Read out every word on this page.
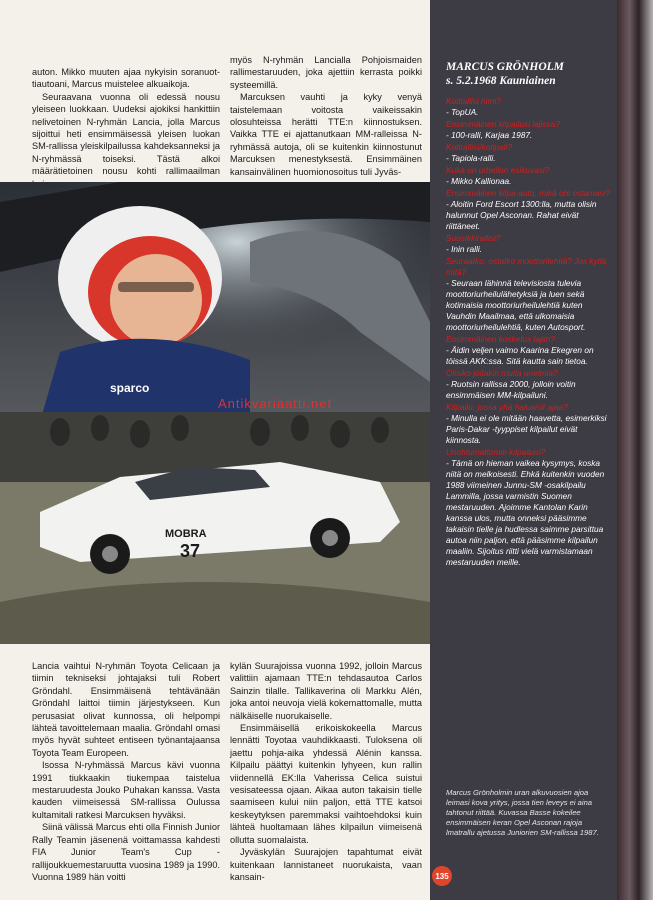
auton. Mikko muuten ajaa nykyisin soranuot-tiautoani, Marcus muistelee alkuaikoja.

Seuraavana vuonna oli edessä nousu yleiseen luokkaan. Uudeksi ajokiksi hankittiin nelivetoinen N-ryhmän Lancia, jolla Marcus sijoittui heti ensimmäisessä yleisen luokan SM-rallissa yleiskilpailussa kahdeksanneksi ja N-ryhmässä toiseksi. Tästä alkoi määrätietoinen nousu kohti rallimaailman

myös N-ryhmän Lanciallа Pohjoismaiden rallimestaruuden, joka ajettiin kerrasta poikki systeemillä.

Marcuksen vauhti ja kyky venyä taistelemaan voitosta vaikeissakin olosuhteissa herätti TTE:n kiinnostuksen. Vaikka TTE ei ajattanutkaan MM-ralleissa N-ryhmässä autoja, oli se kuitenkin kiinnostunut Marcuksen menestyksestä. Ensimmäinen kansainvälinen huomionosoitus tuli Jyväs-

sparco
MOBRA
37
Antikvariaatti.net

Lancia vaihtui N-ryhmän Toyota Celicaan ja tiimin tekniseksi johtajaksi tuli Robert Gröndahl. Ensimmäisenä tehtävänään Gröndahl laittoi tiimin järjestykseen. Kun perusasiat olivat kunnossa, oli helpompi lähteä tavoittelemaan maalia. Gröndahl omasi myös hyvät suhteet entiseen työnantajaansa Toyota Team Europeen.

Isossa N-ryhmässä Marcus kävi vuonna 1991 tiukkaakin tiukempaa taistelua mestaruudesta Jouko Puhakan kanssa. Vasta kauden viimeisessä SM-rallissa Oulussa kultamitali ratkesi Marcuksen hyväksi.

Siinä välissä Marcus ehti olla Finnish Junior Rally Teamin jäsenenä voittamassa kahdesti FIA Junior Team's Cup -rallijoukkuemestaruutta vuosina 1989 ja 1990. Vuonna 1989 hän voitti

kylän Suurajoissa vuonna 1992, jolloin Marcus valittiin ajamaan TTE:n tehdasautoa Carlos Sainzin tilalle. Tallikaverina oli Markku Alén, joka antoi neuvoja vielä kokemattomalle, mutta nälkäiselle nuorukaiselle.

Ensimmäisellä erikoiskokeella Marcus lennätti Toyotaa vauhdikkaasti. Tuloksena oli jaettu pohja-aika yhdessä Alénin kanssa. Kilpailu päättyi kuitenkin lyhyeen, kun rallin viidennellä EK:lla Vaherissa Celica suistui vesisateessa ojaan. Aikaa auton takaisin tielle saamiseen kului niin paljon, että TTE katsoi keskeytyksen paremmaksi vaihtoehdoksi kuin lähteä huoltamaan lähes kilpailun viimeisenä ollutta suomalaista.

Jyväskylän Suurajojen tapahtumat eivät kuitenkaan lannistaneet nuorukaista, vaan kansain-

MARCUS GRÖNHOLM

s. 5.2.1968 Kauniainen

Kotitallisi nimi?

- TopUA.

Ensimmäinen kilpailusi lajissa?

- 100-ralli, Karjaa 1987.

Kotirallisi/kotipalt?

- Tapiola-ralli.

Kuka on urheilun esikuvasi?

- Mikko Kallionaa.

Ensimmäinen kilpa-auto, mikä ohi ostamasi?

- Aloitin Ford Escort 1300:lla, mutta olisin halunnut Opel Asconan. Rahat eivät riittäneet.

Suosikkirallisi?

- Inin ralli.

Seuraatko, ostatko moottorilehtiä? Jos kyllä, mitä?

- Seuraan lähinnä televisiosta tulevia moottoriurheilulähetyksiä ja luen sekä kotimaisia moottoriurheilulehtiä kuten Vauhdin Maailmaa, että ulkomaisia moottoriurheilulehtiä, kuten Autosport.

Ensimmäinen kosketus lajiin?

- Äidin veljen vaimo Kaarina Ekegren on töissä AKK:ssa. Sitä kautta sain tietoa.

Olisiko joitakin muita unelmia?

- Ruotsin rallissa 2000, jolloin voitin ensimmäisen MM-kilpailuni.

Kilpailu, jossa yhä haluaisit ajaa?

- Minulla ei ole mitään haavetta, esimerkiksi Paris-Dakar -tyyppiset kilpailut eivät kiinnosta.

Unohtumattomin kilpailusi?

- Tämä on hieman vaikea kysymys, koska niitä on melkoisesti. Ehkä kuitenkin vuoden 1988 viimeinen Junnu-SM -osakilpailu Lammilla, jossa varmistin Suomen mestaruuden. Ajoimme Kantolan Karin kanssa ulos, mutta onneksi pääsimme takaisin tielle ja hudlessa saimme parsittua autoa niin paljon, että pääsimme kilpailun maaliin. Sijoitus riitti vielä varmistamaan mestaruuden meille.

Marcus Grönholmin uran alkuvuosien ajoa leimasi kova yritys, jossa tien leveys ei aina tahtonut riittää. Kuvassa Basse kokeilee ensimmäisen keran Opel Asconan rajoja lmatrallu ajetussa Juniorien SM-rallissa 1987.

135
